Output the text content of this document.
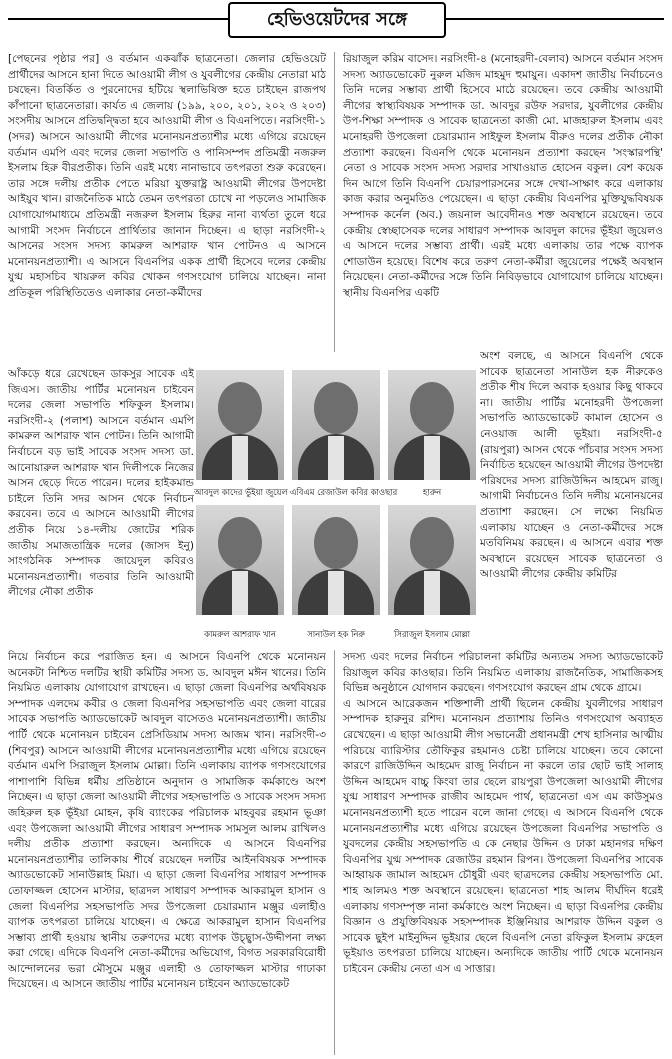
হেভিওয়েটদের সঙ্গে

[পেছনের পৃষ্ঠার পর] ও বর্তমান একঝাঁক ছাত্রনেতা। জেলার হেভিওয়েট প্রার্থীদের আসনে হানা দিতে আওয়ামী লীগ ও যুবলীগের কেন্দ্রীয় নেতারা মাঠ চষছেন। বিতর্কিত ও পুরনোদের হটিয়ে স্থলাভিষিক্ত হতে চাইছেন রাজপথ কাঁপানো ছাত্রনেতারা। কার্যত এ জেলায় (১৯৯, ২০০, ২০১, ২০২ ও ২০৩) সংসদীয় আসনে প্রতিদ্বন্দ্বিতা হবে আওয়ামী লীগ ও বিএনপিতে। নরসিংদী-১ (সদর) আসনে আওয়ামী লীগের মনোনয়নপ্রত্যাশীর মধ্যে এগিয়ে রয়েছেন বর্তমান এমপি এবং দলের জেলা সভাপতি ও পানিসম্পদ প্রতিমন্ত্রী নজরুল ইসলাম হিরু বীরপ্রতীক। তিনি এরই মধ্যে নানাভাবে তৎপরতা শুরু করেছেন। তার সঙ্গে দলীয় প্রতীক পেতে মরিয়া যুক্তরাষ্ট্র আওয়ামী লীগের উপদেষ্টা আইয়ুব খান। রাজনৈতিক মাঠে তেমন তৎপরতা চোখে না পড়লেও সামাজিক যোগাযোগমাধ্যমে প্রতিমন্ত্রী নজরুল ইসলাম হিরুর নানা ব্যর্থতা তুলে ধরে আগামী সংসদ নির্বাচনে প্রার্থিতার জানান দিচ্ছেন। এ ছাড়া নরসিংদী-২ আসনের সংসদ সদস্য কামরুল আশরাফ খান পোটনও এ আসনে মনোনয়নপ্রত্যাশী। এ আসনে বিএনপির একক প্রার্থী হিসেবে দলের কেন্দ্রীয় যুগ্ম মহাসচিব খায়রুল কবির খোকন গণসংযোগ চালিয়ে যাচ্ছেন। নানা প্রতিকূল পরিস্থিতিতেও এলাকার নেতা-কর্মীদের

রিয়াজুল করিম বাসেদ। নরসিংদী-৪ (মনোহরদী-বেলাব) আসনে বর্তমান সংসদ সদস্য অ্যাডভোকেট নুরুল মজিদ মাহমুদ হুমায়ুন। একাদশ জাতীয় নির্বাচনেও তিনি দলের সম্ভাব্য প্রার্থী হিসেবে মাঠে রয়েছেন। তবে কেন্দ্রীয় আওয়ামী লীগের স্বাস্থ্যবিষয়ক সম্পাদক ডা. আবদুর রউফ সরদার, যুবলীগের কেন্দ্রীয় উপ-শিক্ষা সম্পাদক ও সাবেক ছাত্রনেতা কাজী মো. মাজহারুল ইসলাম এবং মনোহরদী উপজেলা চেয়ারম্যান সাইফুল ইসলাম বীরুও দলের প্রতীক নৌকা প্রত্যাশা করছেন। বিএনপি থেকে মনোনয়ন প্রত্যাশা করছেন 'সংস্কারপন্থি' নেতা ও সাবেক সংসদ সদস্য সরদার সাখাওয়াত হোসেন বকুল। বেশ কয়েক দিন আগে তিনি বিএনপি চেয়ারপারসনের সঙ্গে দেখা-সাক্ষাৎ করে এলাকায় কাজ করার অনুমতিও পেয়েছেন। এ ছাড়া কেন্দ্রীয় বিএনপির মুক্তিযুদ্ধবিষয়ক সম্পাদক কর্নেল (অব.) জয়নাল আবেদীনও শক্ত অবস্থানে রয়েছেন। তবে কেন্দ্রীয় স্বেচ্ছাসেবক দলের সাধারণ সম্পাদক আবদুল কাদের ভূঁইয়া জুয়েলও এ আসনে দলের সম্ভাব্য প্রার্থী। এরই মধ্যে এলাকায় তার পক্ষে ব্যাপক শোডাউন হয়েছে। বিশেষ করে তরুণ নেতা-কর্মীরা জুয়েলের পক্ষেই অবস্থান নিয়েছেন। নেতা-কর্মীদের সঙ্গে তিনি নিবিড়ভাবে যোগাযোগ চালিয়ে যাচ্ছেন। স্থানীয় বিএনপির একটি

আঁকড়ে ধরে রেখেছেন ডাকসুর সাবেক এই জিএস। জাতীয় পার্টির মনোনয়ন চাইবেন দলের জেলা সভাপতি শফিকুল ইসলাম। নরসিংদী-২ (পলাশ) আসনে বর্তমান এমপি কামরুল আশরাফ খান পোটন। তিনি আগামী নির্বাচনে বড় ভাই সাবেক সংসদ সদস্য ডা. আনোয়ারুল আশরাফ খান দিলীপকে নিজের আসন ছেড়ে দিতে পারেন। দলের হাইকমান্ড চাইলে তিনি সদর আসন থেকে নির্বাচন করবেন। তবে এ আসনে আওয়ামী লীগের প্রতীক নিয়ে ১৪-দলীয় জোটের শরিক জাতীয় সমাজতান্ত্রিক দলের (জাসদ ইনু) সাংগঠনিক সম্পাদক জায়েদুল কবিরও মনোনয়নপ্রত্যাশী। গতবার তিনি আওয়ামী লীগের নৌকা প্রতীক

অংশ বলছে, এ আসনে বিএনপি থেকে সাবেক ছাত্রনেতা সানাউল হক নীরুকেও প্রতীক শীষ দিলে অবাক হওয়ার কিছু থাকবে না। জাতীয় পার্টির মনোহরদী উপজেলা সভাপতি অ্যাডভোকেট কামাল হোসেন ও নেওয়াজ আলী ভূইয়া। নরসিংদী-৫ (রায়পুরা) আসন থেকে পাঁচবার সংসদ সদস্য নির্বাচিত হয়েছেন আওয়ামী লীগের উপদেষ্টা পরিষদের সদস্য রাজিউদ্দিন আহমেদ রাজু। আগামী নির্বাচনেও তিনি দলীয় মনোনয়নের প্রত্যাশা করছেন। সে লক্ষ্যে নিয়মিত এলাকায় যাচ্ছেন ও নেতা-কর্মীদের সঙ্গে মতবিনিময় করছেন। এ আসনে এবার শক্ত অবস্থানে রয়েছেন সাবেক ছাত্রনেতা ও আওয়ামী লীগের কেন্দ্রীয় কমিটির

নিয়ে নির্বাচন করে পরাজিত হন। এ আসনে বিএনপি থেকে মনোনয়ন অনেকটা নিশ্চিত দলটির স্থায়ী কমিটির সদস্য ড. আবদুল মঈন খানের। তিনি নিয়মিত এলাকায় যোগাযোগ রাখছেন। এ ছাড়া জেলা বিএনপির অর্থবিষয়ক সম্পাদক এলদেম কবীর ও জেলা বিএনপির সহসভাপতি এবং জেলা বারের সাবেক সভাপতি অ্যাডভোকেট আবদুল বাসেতও মনোনয়নপ্রত্যাশী। জাতীয় পার্টি থেকে মনোনয়ন চাইবেন প্রেসিডিয়াম সদস্য আজম খান। নরসিংদী-৩ (শিবপুর) আসনে আওয়ামী লীগের মনোনয়নপ্রত্যাশীর মধ্যে এগিয়ে রয়েছেন বর্তমান এমপি সিরাজুল ইসলাম মোল্লা। তিনি এলাকায় ব্যাপক গণসংযোগের পাশাপাশি বিভিন্ন ধর্মীয় প্রতিষ্ঠানে অনুদান ও সামাজিক কর্মকাণ্ডে অংশ নিচ্ছেন। এ ছাড়া জেলা আওয়ামী লীগের সহসভাপতি ও সাবেক সংসদ সদস্য জহিরুল হক ভূঁইয়া মোহন, কৃষি ব্যাংকের পরিচালক মাহবুবর রহমান ভূঞা এবং উপজেলা আওয়ামী লীগের সাধারণ সম্পাদক সামসুল আলম রাখিলও দলীয় প্রতীক প্রত্যাশা করছেন। অন্যদিকে এ আসনে বিএনপির মনোনয়নপ্রত্যাশীর তালিকায় শীর্ষে রয়েছেন দলটির আইনবিষয়ক সম্পাদক অ্যাডভোকেট সানাউল্লাহ মিয়া। এ ছাড়া জেলা বিএনপির সাধারণ সম্পাদক তোফাজ্জল হোসেন মাস্টার, ছাত্রদল সাধারণ সম্পাদক আকরামুল হাসান ও জেলা বিএনপির সহসভাপতি সদর উপজেলা চেয়ারম্যান মঞ্জুর এলাহীও ব্যাপক তৎপরতা চালিয়ে যাচ্ছেন। এ ক্ষেত্রে আকরামুল হাসান বিএনপির সম্ভাব্য প্রার্থী হওয়ায় স্থানীয় তরুণদের মধ্যে ব্যাপক উচ্ছ্বাস-উদ্দীপনা লক্ষ্য করা গেছে। এদিকে বিএনপি নেতা-কর্মীদের অভিযোগ, বিগত সরকারবিরোধী আন্দোলনের ভরা মৌসুমে মঞ্জুর এলাহী ও তোফাজ্জল মাস্টার গাঢাকা দিয়েছেন। এ আসনে জাতীয় পার্টির মনোনয়ন চাইবেন অ্যাডভোকেট

সদস্য এবং দলের নির্বাচন পরিচালনা কমিটির অন্যতম সদস্য অ্যাডভোকেট রিয়াজুল কবির কাওছার। তিনি নিয়মিত এলাকায় রাজনৈতিক, সামাজিকসহ বিভিন্ন অনুষ্ঠানে যোগদান করছেন। গণসংযোগ করছেন গ্রাম থেকে গ্রামে।

এ আসনে আরেকজন শক্তিশালী প্রার্থী ছিলেন কেন্দ্রীয় যুবলীগের সাধারণ সম্পাদক হারুনুর রশিদ। মনোনয়ন প্রত্যাশায় তিনিও গণসংযোগ অব্যাহত রেখেছেন। এ ছাড়া আওয়ামী লীগ সভানেত্রী প্রধানমন্ত্রী শেখ হাসিনার আত্মীয় পরিচয়ে ব্যারিস্টার তৌফিকুর রহমানও চেষ্টা চালিয়ে যাচ্ছেন। তবে কোনো কারণে রাজিউদ্দিন আহমেদ রাজু নির্বাচন না করলে তার ছোট ভাই সালাহ উদ্দিন আহমেদ বাচ্চু কিংবা তার ছেলে রায়পুরা উপজেলা আওয়ামী লীগের যুগ্ম সাধারণ সম্পাদক রাজীব আহমেদ পার্থ, ছাত্রনেতা এস এম কাউসুমও মনোনয়নপ্রত্যাশী হতে পারেন বলে জানা গেছে। এ আসনে বিএনপি থেকে মনোনয়নপ্রত্যাশীর মধ্যে এগিয়ে রয়েছেন উপজেলা বিএনপির সভাপতি ও যুবদলের কেন্দ্রীয় সহসভাপতি এ কে নেছার উদ্দিন ও ঢাকা মহানগর দক্ষিণ বিএনপির যুগ্ম সম্পাদক রেজাউর রহমান রিপন। উপজেলা বিএনপির সাবেক আহ্বায়ক জামাল আহমেদ চৌধুরী এবং ছাত্রদলের কেন্দ্রীয় সহসভাপতি মো. শাহ আলমও শক্ত অবস্থানে রয়েছেন। ছাত্রনেতা শাহ আলম দীর্ঘদিন ধরেই এলাকায় গণসম্পৃক্ত নানা কর্মকাণ্ডে অংশ নিচ্ছেন। এ ছাড়া বিএনপির কেন্দ্রীয় বিজ্ঞান ও প্রযুক্তিবিষয়ক সহসম্পাদক ইঞ্জিনিয়ার আশরাফ উদ্দিন বকুল ও সাবেক ছুইপ মাইনুদ্দিন ভূইয়ার ছেলে বিএনপি নেতা রফিকুল ইসলাম রুহেল ভূইয়াও তৎপরতা চালিয়ে যাচ্ছেন। অন্যদিকে জাতীয় পার্টি থেকে মনোনয়ন চাইবেন কেন্দ্রীয় নেতা এস এ সাত্তার।

আবদুল কাদের ভুঁইয়া জুয়েল এবিএম রেজাউল কবির কাওছার	হারুন
কামরুল আশরাফ খান	সানাউল হক নিরু	সিরাজুল ইসলাম মোল্লা
